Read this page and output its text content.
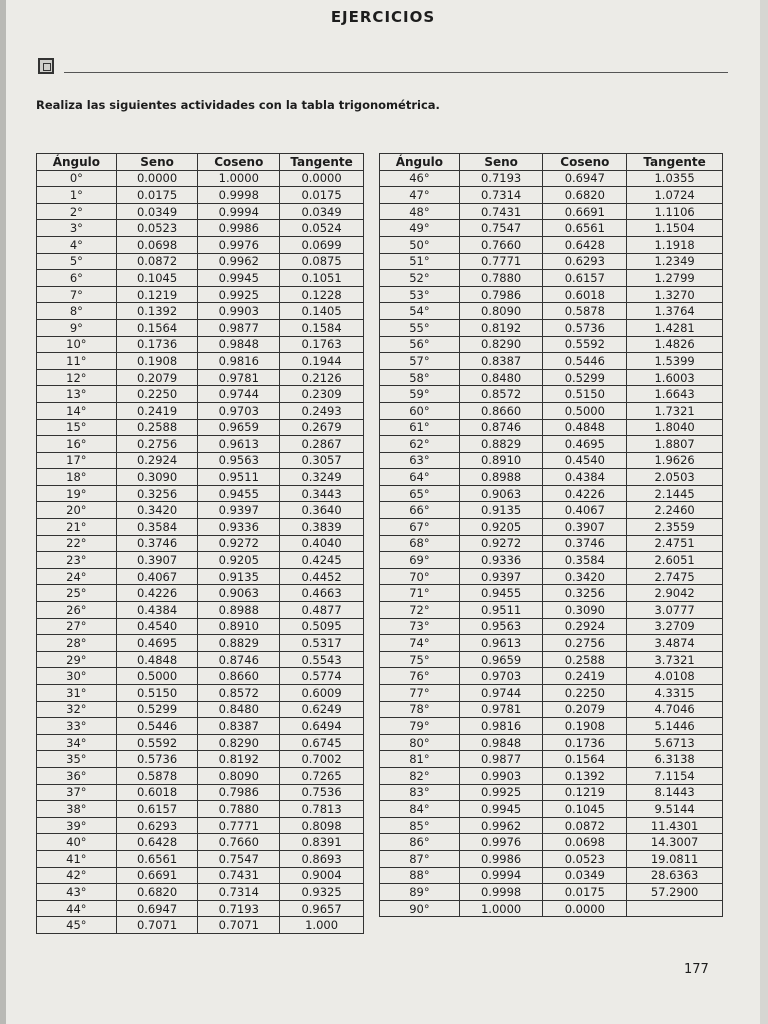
EJERCICIOS
Realiza las siguientes actividades con la tabla trigonométrica.
Ángulo	Seno	Coseno	Tangente
0°	0.0000	1.0000	0.0000
1°	0.0175	0.9998	0.0175
2°	0.0349	0.9994	0.0349
3°	0.0523	0.9986	0.0524
4°	0.0698	0.9976	0.0699
5°	0.0872	0.9962	0.0875
6°	0.1045	0.9945	0.1051
7°	0.1219	0.9925	0.1228
8°	0.1392	0.9903	0.1405
9°	0.1564	0.9877	0.1584
10°	0.1736	0.9848	0.1763
11°	0.1908	0.9816	0.1944
12°	0.2079	0.9781	0.2126
13°	0.2250	0.9744	0.2309
14°	0.2419	0.9703	0.2493
15°	0.2588	0.9659	0.2679
16°	0.2756	0.9613	0.2867
17°	0.2924	0.9563	0.3057
18°	0.3090	0.9511	0.3249
19°	0.3256	0.9455	0.3443
20°	0.3420	0.9397	0.3640
21°	0.3584	0.9336	0.3839
22°	0.3746	0.9272	0.4040
23°	0.3907	0.9205	0.4245
24°	0.4067	0.9135	0.4452
25°	0.4226	0.9063	0.4663
26°	0.4384	0.8988	0.4877
27°	0.4540	0.8910	0.5095
28°	0.4695	0.8829	0.5317
29°	0.4848	0.8746	0.5543
30°	0.5000	0.8660	0.5774
31°	0.5150	0.8572	0.6009
32°	0.5299	0.8480	0.6249
33°	0.5446	0.8387	0.6494
34°	0.5592	0.8290	0.6745
35°	0.5736	0.8192	0.7002
36°	0.5878	0.8090	0.7265
37°	0.6018	0.7986	0.7536
38°	0.6157	0.7880	0.7813
39°	0.6293	0.7771	0.8098
40°	0.6428	0.7660	0.8391
41°	0.6561	0.7547	0.8693
42°	0.6691	0.7431	0.9004
43°	0.6820	0.7314	0.9325
44°	0.6947	0.7193	0.9657
45°	0.7071	0.7071	1.000
Ángulo	Seno	Coseno	Tangente
46°	0.7193	0.6947	1.0355
47°	0.7314	0.6820	1.0724
48°	0.7431	0.6691	1.1106
49°	0.7547	0.6561	1.1504
50°	0.7660	0.6428	1.1918
51°	0.7771	0.6293	1.2349
52°	0.7880	0.6157	1.2799
53°	0.7986	0.6018	1.3270
54°	0.8090	0.5878	1.3764
55°	0.8192	0.5736	1.4281
56°	0.8290	0.5592	1.4826
57°	0.8387	0.5446	1.5399
58°	0.8480	0.5299	1.6003
59°	0.8572	0.5150	1.6643
60°	0.8660	0.5000	1.7321
61°	0.8746	0.4848	1.8040
62°	0.8829	0.4695	1.8807
63°	0.8910	0.4540	1.9626
64°	0.8988	0.4384	2.0503
65°	0.9063	0.4226	2.1445
66°	0.9135	0.4067	2.2460
67°	0.9205	0.3907	2.3559
68°	0.9272	0.3746	2.4751
69°	0.9336	0.3584	2.6051
70°	0.9397	0.3420	2.7475
71°	0.9455	0.3256	2.9042
72°	0.9511	0.3090	3.0777
73°	0.9563	0.2924	3.2709
74°	0.9613	0.2756	3.4874
75°	0.9659	0.2588	3.7321
76°	0.9703	0.2419	4.0108
77°	0.9744	0.2250	4.3315
78°	0.9781	0.2079	4.7046
79°	0.9816	0.1908	5.1446
80°	0.9848	0.1736	5.6713
81°	0.9877	0.1564	6.3138
82°	0.9903	0.1392	7.1154
83°	0.9925	0.1219	8.1443
84°	0.9945	0.1045	9.5144
85°	0.9962	0.0872	11.4301
86°	0.9976	0.0698	14.3007
87°	0.9986	0.0523	19.0811
88°	0.9994	0.0349	28.6363
89°	0.9998	0.0175	57.2900
90°	1.0000	0.0000	
177
